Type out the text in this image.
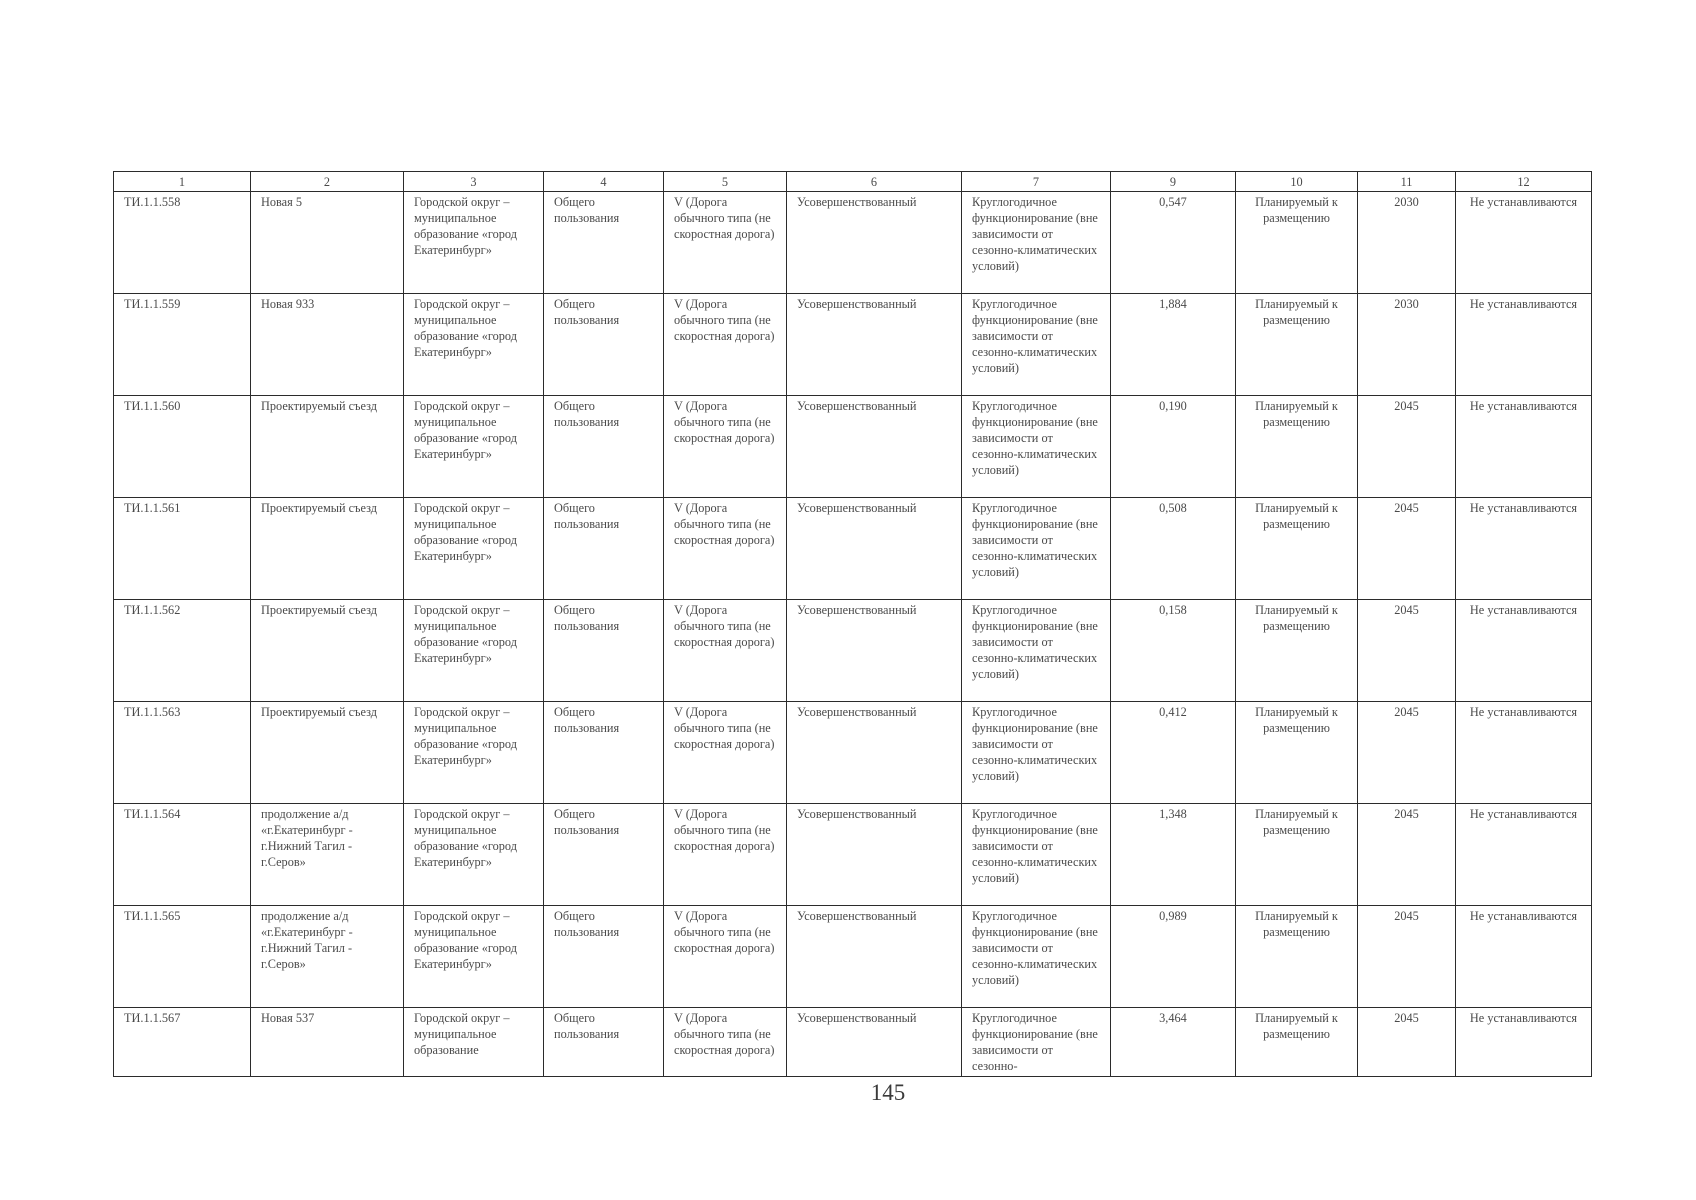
1	2	3	4	5	6	7	9	10	11	12
ТИ.1.1.558	Новая 5	Городской округ – муниципальное образование «город Екатеринбург»	Общего пользования	V (Дорога обычного типа (не скоростная дорога)	Усовершенствованный	Круглогодичное функционирование (вне зависимости от сезонно-климатических условий)	0,547	Планируемый к размещению	2030	Не устанавливаются
ТИ.1.1.559	Новая 933	Городской округ – муниципальное образование «город Екатеринбург»	Общего пользования	V (Дорога обычного типа (не скоростная дорога)	Усовершенствованный	Круглогодичное функционирование (вне зависимости от сезонно-климатических условий)	1,884	Планируемый к размещению	2030	Не устанавливаются
ТИ.1.1.560	Проектируемый съезд	Городской округ – муниципальное образование «город Екатеринбург»	Общего пользования	V (Дорога обычного типа (не скоростная дорога)	Усовершенствованный	Круглогодичное функционирование (вне зависимости от сезонно-климатических условий)	0,190	Планируемый к размещению	2045	Не устанавливаются
ТИ.1.1.561	Проектируемый съезд	Городской округ – муниципальное образование «город Екатеринбург»	Общего пользования	V (Дорога обычного типа (не скоростная дорога)	Усовершенствованный	Круглогодичное функционирование (вне зависимости от сезонно-климатических условий)	0,508	Планируемый к размещению	2045	Не устанавливаются
ТИ.1.1.562	Проектируемый съезд	Городской округ – муниципальное образование «город Екатеринбург»	Общего пользования	V (Дорога обычного типа (не скоростная дорога)	Усовершенствованный	Круглогодичное функционирование (вне зависимости от сезонно-климатических условий)	0,158	Планируемый к размещению	2045	Не устанавливаются
ТИ.1.1.563	Проектируемый съезд	Городской округ – муниципальное образование «город Екатеринбург»	Общего пользования	V (Дорога обычного типа (не скоростная дорога)	Усовершенствованный	Круглогодичное функционирование (вне зависимости от сезонно-климатических условий)	0,412	Планируемый к размещению	2045	Не устанавливаются
ТИ.1.1.564	продолжение а/д «г.Екатеринбург - г.Нижний Тагил - г.Серов»	Городской округ – муниципальное образование «город Екатеринбург»	Общего пользования	V (Дорога обычного типа (не скоростная дорога)	Усовершенствованный	Круглогодичное функционирование (вне зависимости от сезонно-климатических условий)	1,348	Планируемый к размещению	2045	Не устанавливаются
ТИ.1.1.565	продолжение а/д «г.Екатеринбург - г.Нижний Тагил - г.Серов»	Городской округ – муниципальное образование «город Екатеринбург»	Общего пользования	V (Дорога обычного типа (не скоростная дорога)	Усовершенствованный	Круглогодичное функционирование (вне зависимости от сезонно-климатических условий)	0,989	Планируемый к размещению	2045	Не устанавливаются
ТИ.1.1.567	Новая 537	Городской округ – муниципальное образование	Общего пользования	V (Дорога обычного типа (не скоростная дорога)	Усовершенствованный	Круглогодичное функционирование (вне зависимости от сезонно-	3,464	Планируемый к размещению	2045	Не устанавливаются
145
